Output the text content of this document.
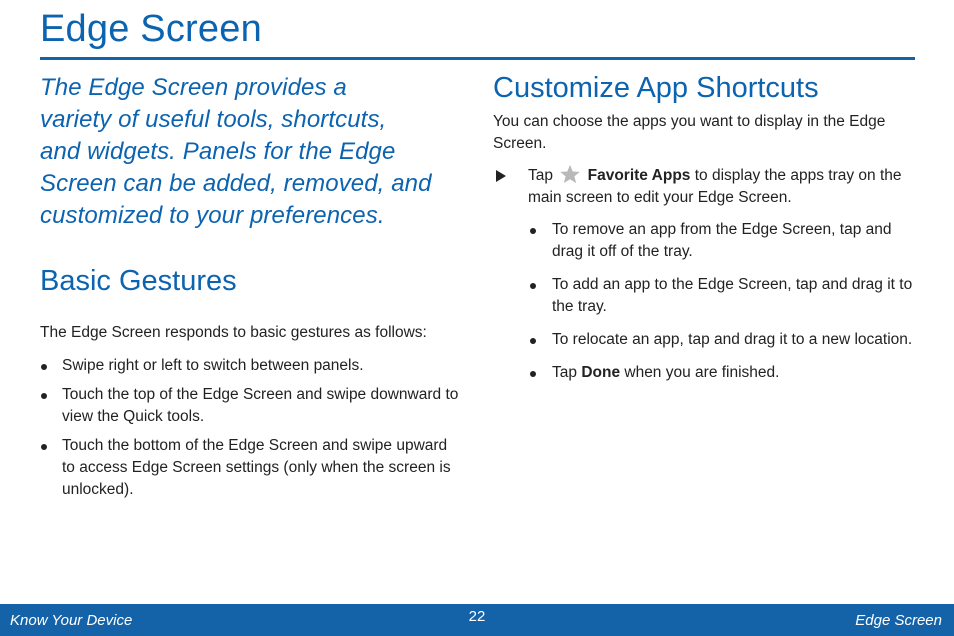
Edge Screen

The Edge Screen provides a
variety of useful tools, shortcuts,
and widgets. Panels for the Edge
Screen can be added, removed, and
customized to your preferences.

Basic Gestures

The Edge Screen responds to basic gestures as follows:

Swipe right or left to switch between panels.
Touch the top of the Edge Screen and swipe downward to view the Quick tools.
Touch the bottom of the Edge Screen and swipe upward to access Edge Screen settings (only when the screen is unlocked).
Customize App Shortcuts

You can choose the apps you want to display in the Edge Screen.

Tap Favorite Apps to display the apps tray on the main screen to edit your Edge Screen.
To remove an app from the Edge Screen, tap and drag it off of the tray.
To add an app to the Edge Screen, tap and drag it to the tray.
To relocate an app, tap and drag it to a new location.
Tap Done when you are finished.
Know Your Device	22	Edge Screen
